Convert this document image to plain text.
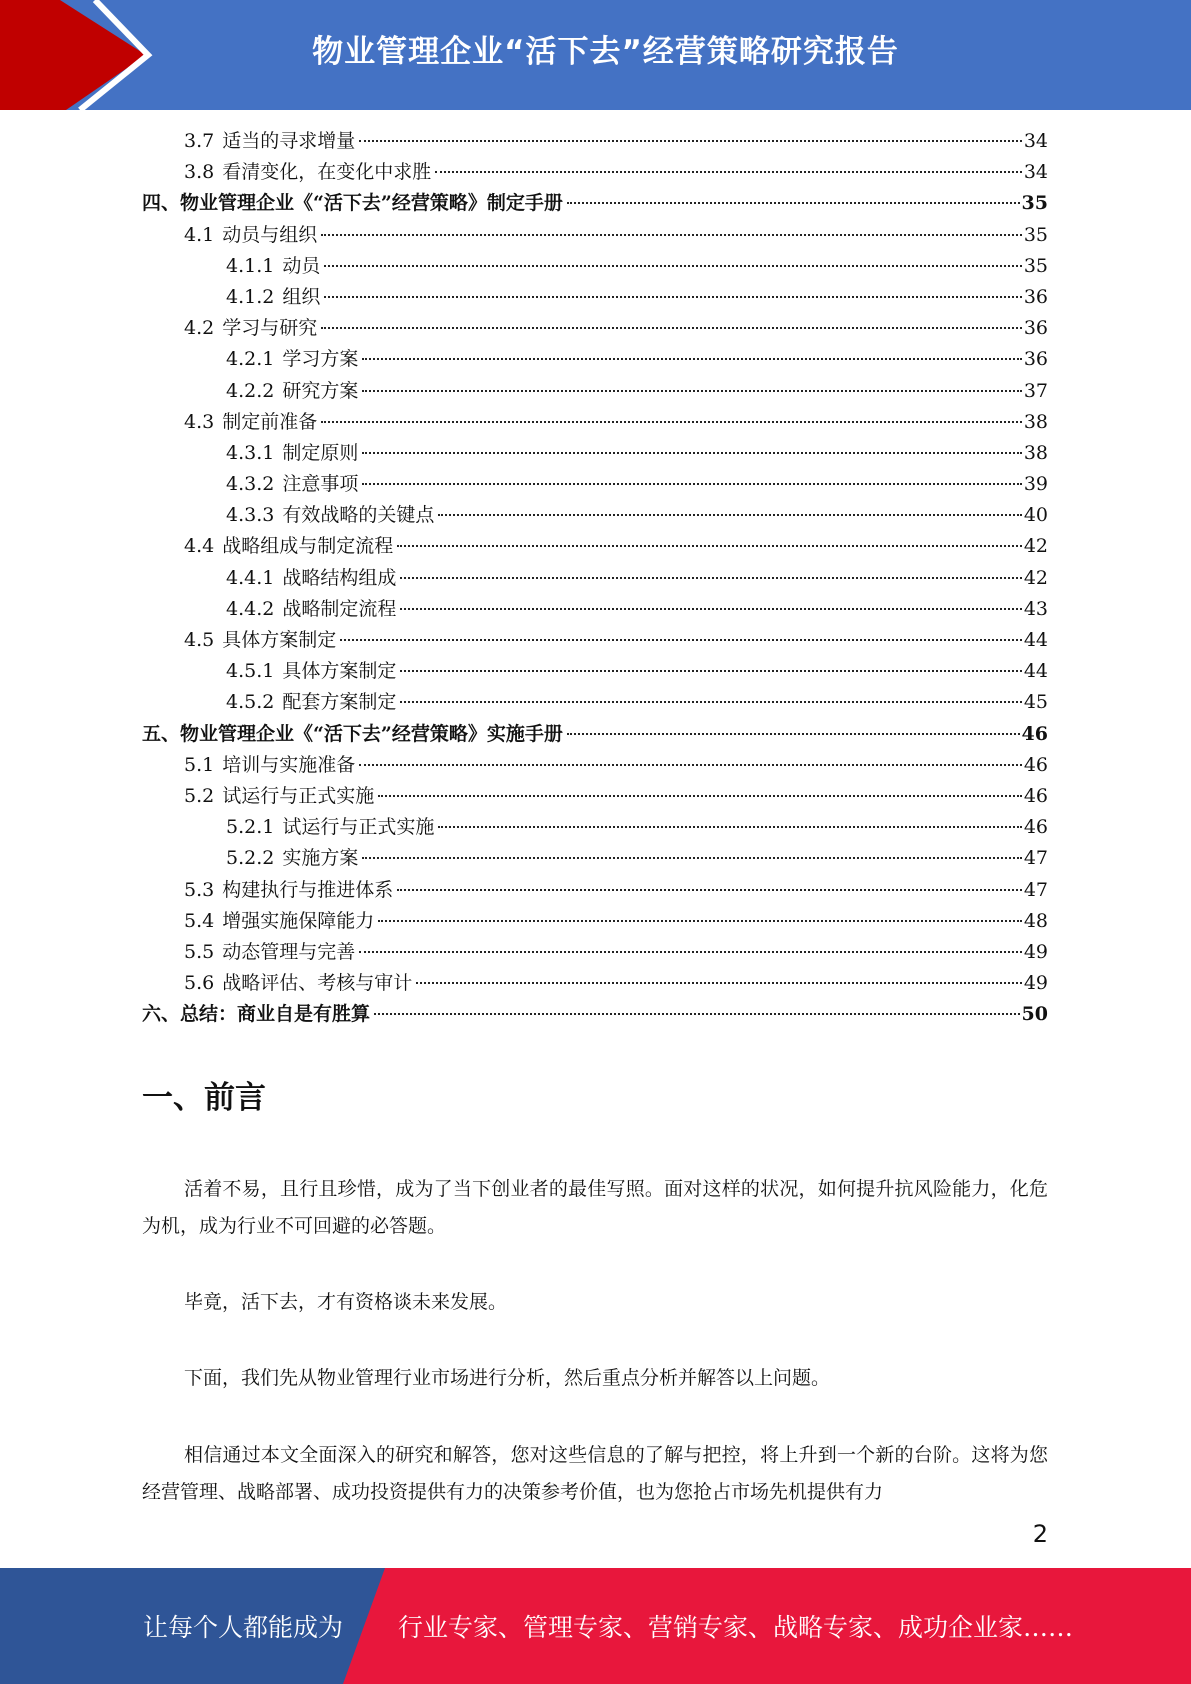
物业管理企业“活下去”经营策略研究报告
3.7 适当的寻求增量	34
3.8 看清变化，在变化中求胜	34
四、物业管理企业《“活下去”经营策略》制定手册	35
4.1 动员与组织	35
4.1.1 动员	35
4.1.2 组织	36
4.2 学习与研究	36
4.2.1 学习方案	36
4.2.2 研究方案	37
4.3 制定前准备	38
4.3.1 制定原则	38
4.3.2 注意事项	39
4.3.3 有效战略的关键点	40
4.4 战略组成与制定流程	42
4.4.1 战略结构组成	42
4.4.2 战略制定流程	43
4.5 具体方案制定	44
4.5.1 具体方案制定	44
4.5.2 配套方案制定	45
五、物业管理企业《“活下去”经营策略》实施手册	46
5.1 培训与实施准备	46
5.2 试运行与正式实施	46
5.2.1 试运行与正式实施	46
5.2.2 实施方案	47
5.3 构建执行与推进体系	47
5.4 增强实施保障能力	48
5.5 动态管理与完善	49
5.6 战略评估、考核与审计	49
六、总结：商业自是有胜算	50
一、前言

活着不易，且行且珍惜，成为了当下创业者的最佳写照。面对这样的状况，如何提升抗风险能力，化危为机，成为行业不可回避的必答题。

毕竟，活下去，才有资格谈未来发展。

下面，我们先从物业管理行业市场进行分析，然后重点分析并解答以上问题。

相信通过本文全面深入的研究和解答，您对这些信息的了解与把控，将上升到一个新的台阶。这将为您经营管理、战略部署、成功投资提供有力的决策参考价值，也为您抢占市场先机提供有力

2
让每个人都能成为 行业专家、管理专家、营销专家、战略专家、成功企业家……
